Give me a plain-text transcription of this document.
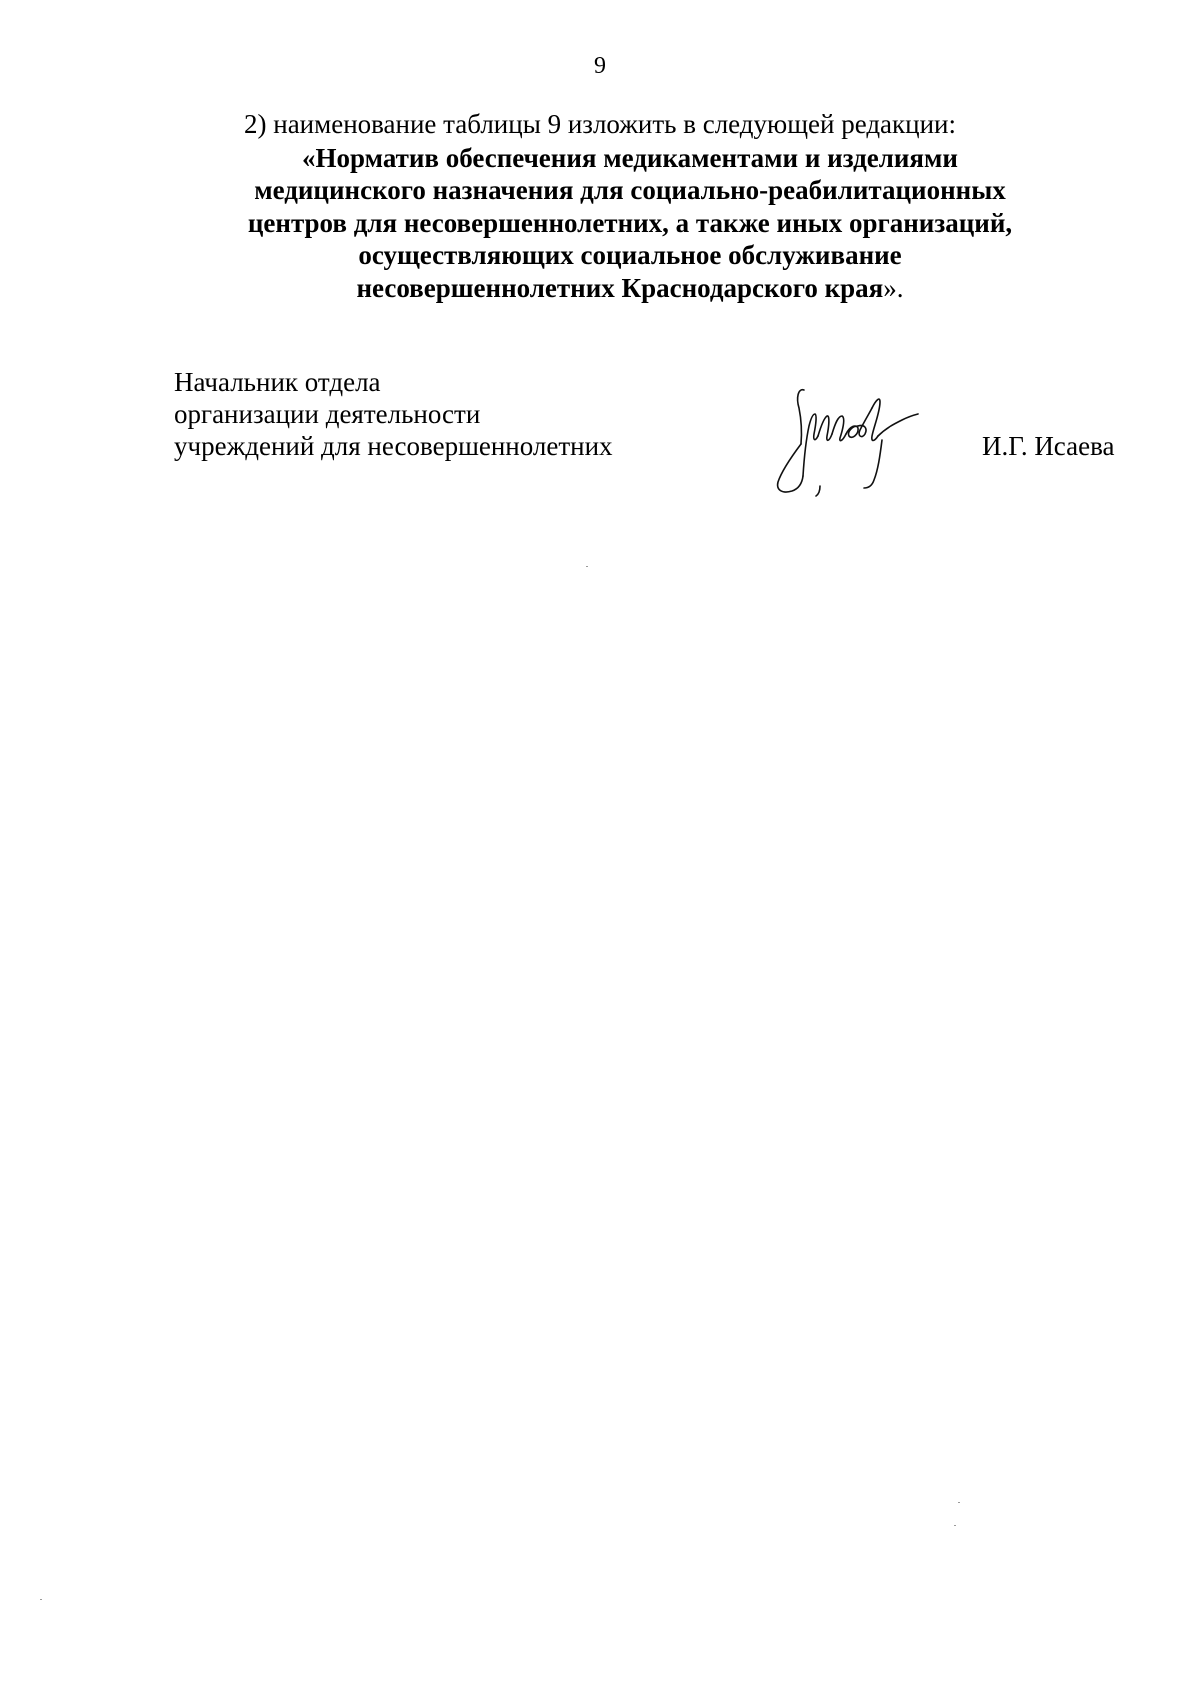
9
2) наименование таблицы 9 изложить в следующей редакции:
«Норматив обеспечения медикаментами и изделиями
медицинского назначения для социально-реабилитационных
центров для несовершеннолетних, а также иных организаций,
осуществляющих социальное обслуживание
несовершеннолетних Краснодарского края».
Начальник отдела
организации деятельности
учреждений для несовершеннолетних	И.Г. Исаева
